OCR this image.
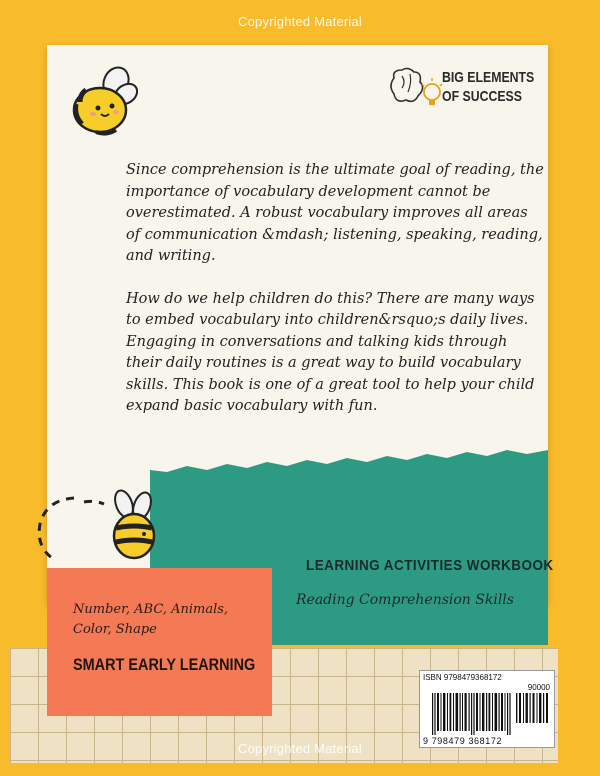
Copyrighted Material
BIG ELEMENTS
OF SUCCESS

Since comprehension is the ultimate goal of reading, the importance of vocabulary development cannot be overestimated. A robust vocabulary improves all areas of communication &mdash; listening, speaking, reading, and writing.

How do we help children do this? There are many ways to embed vocabulary into children&rsquo;s daily lives. Engaging in conversations and talking kids through their daily routines is a great way to build vocabulary skills. This book is one of a great tool to help your child expand basic vocabulary with fun.

LEARNING ACTIVITIES WORKBOOK
Reading Comprehension Skills
Number, ABC, Animals,
Color, Shape
SMART EARLY LEARNING
ISBN 9798479368172
90000
9 798479 368172
Copyrighted Material
